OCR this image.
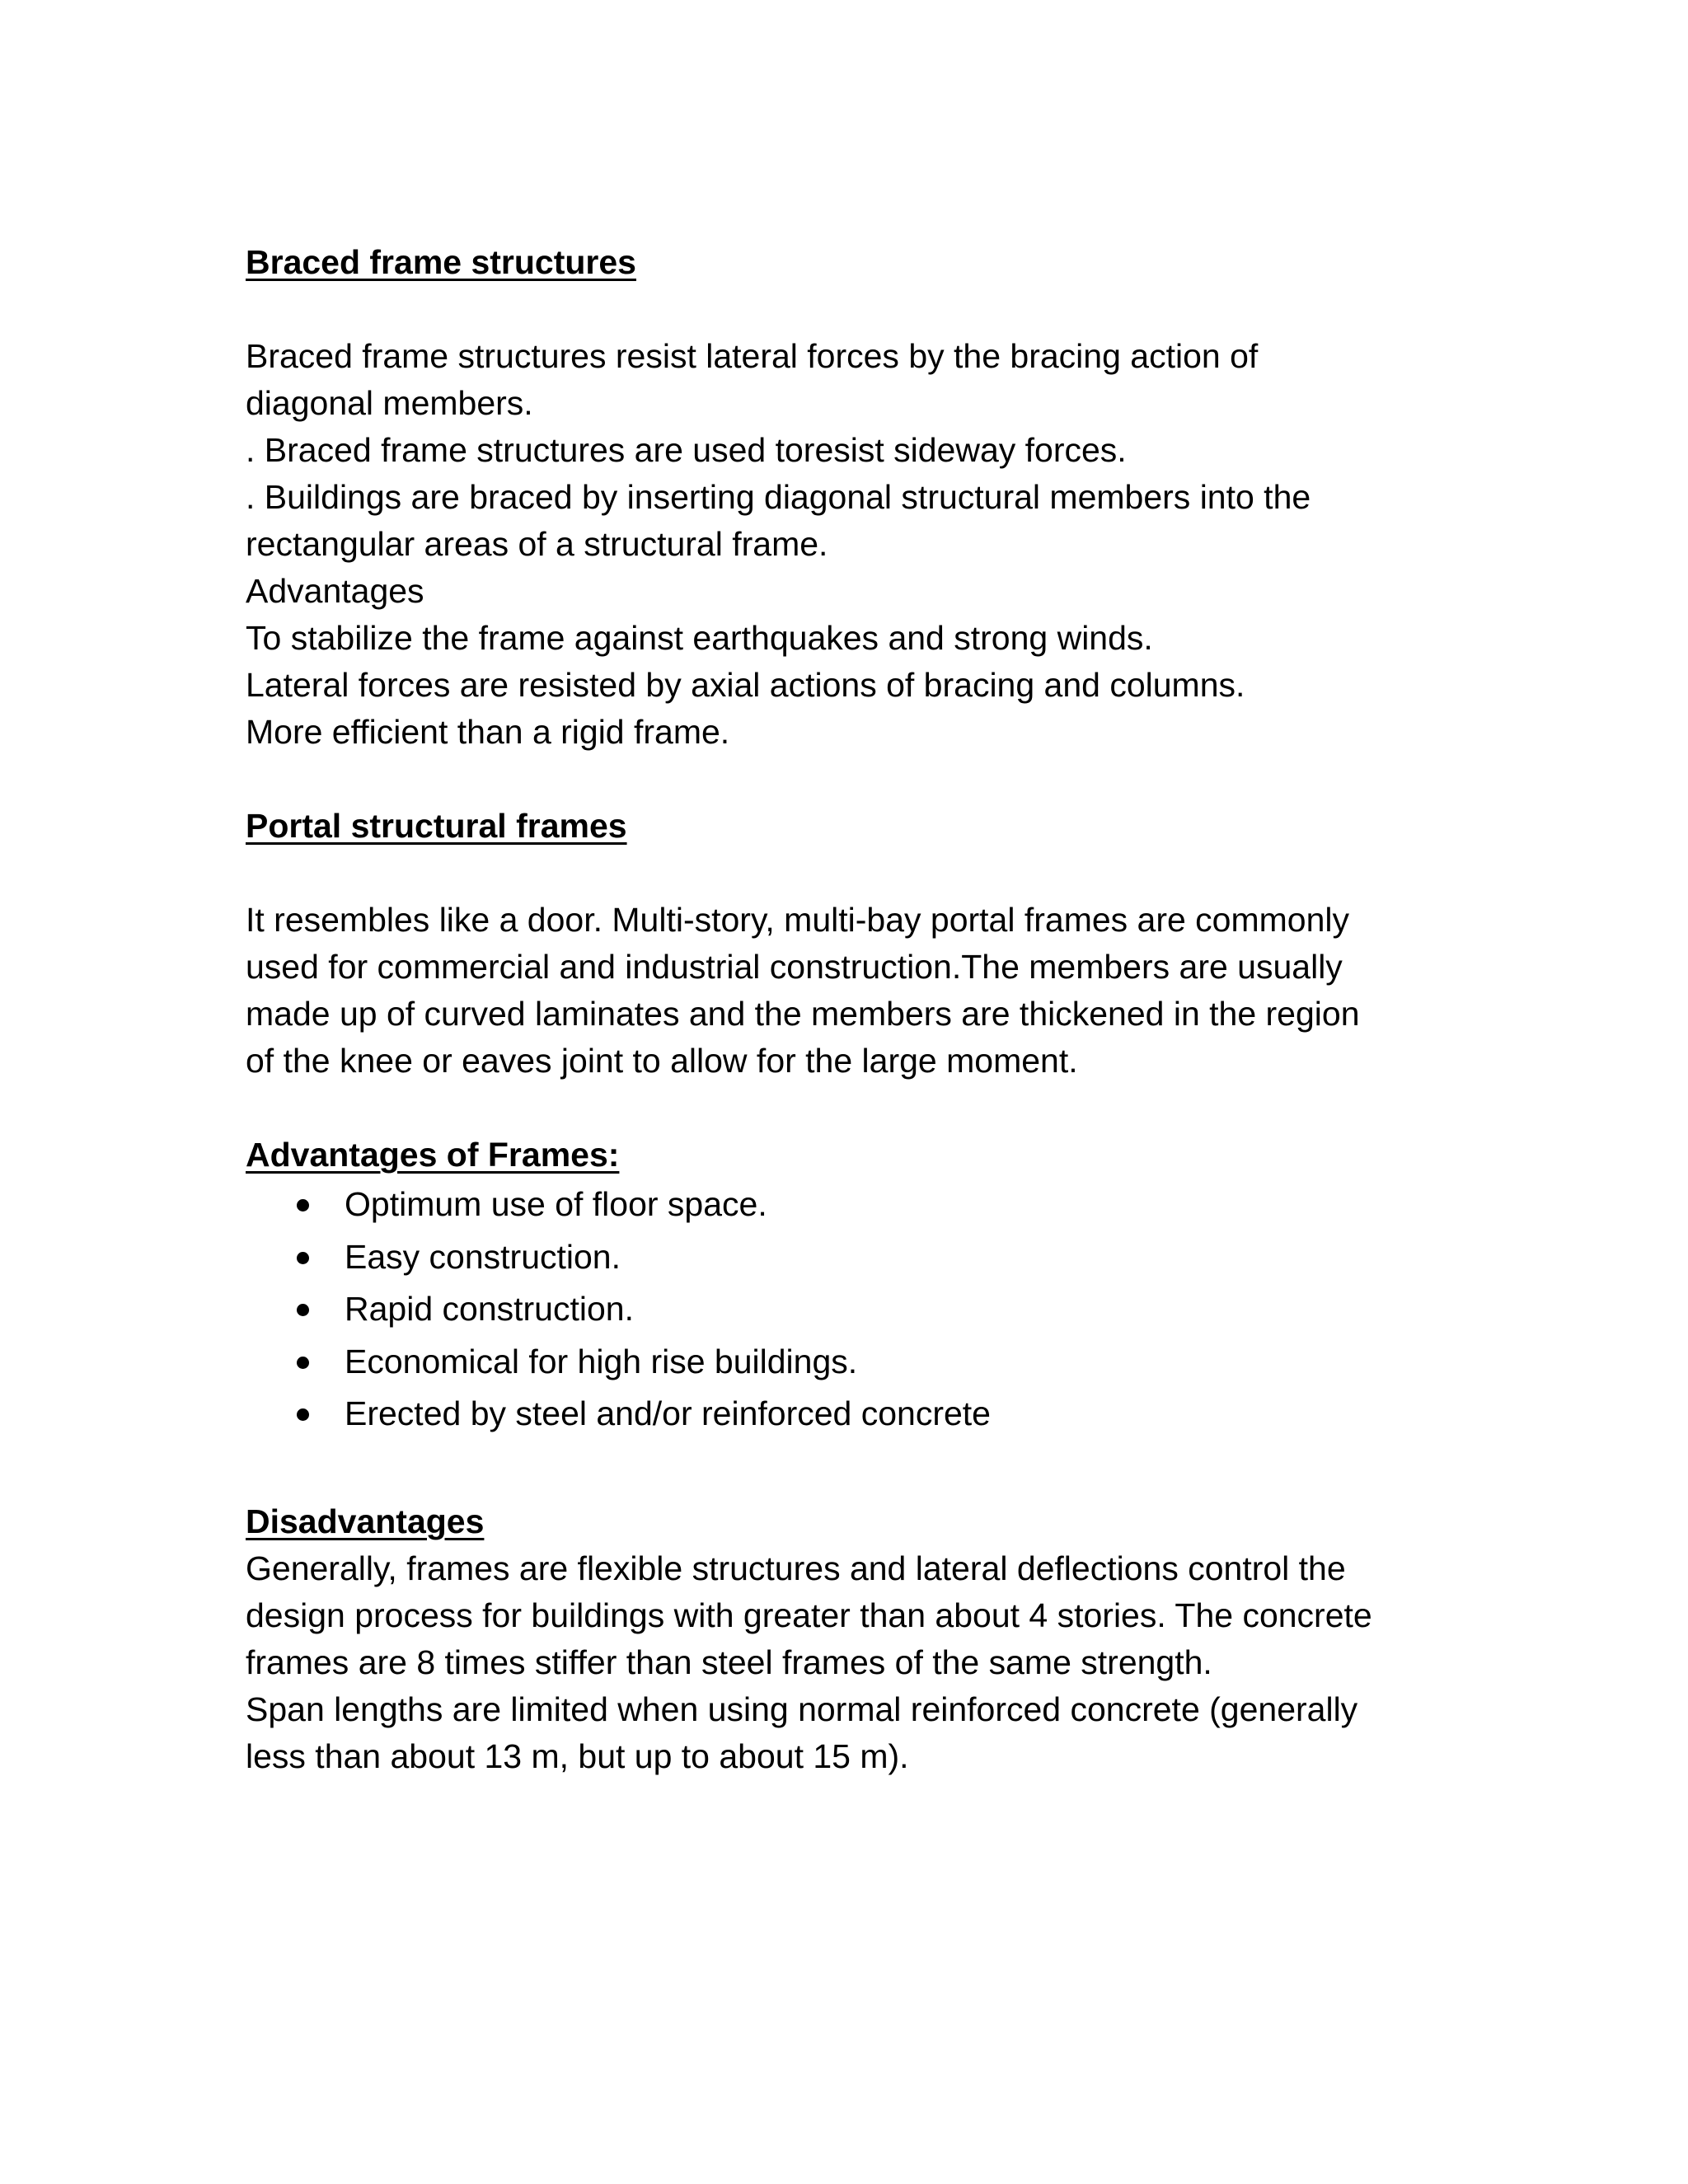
Braced frame structures

Braced frame structures resist lateral forces by the bracing action of

diagonal members.

. Braced frame structures are used toresist sideway forces.

. Buildings are braced by inserting diagonal structural members into the

rectangular areas of a structural frame.

Advantages

To stabilize the frame against earthquakes and strong winds.

Lateral forces are resisted by axial actions of bracing and columns.

More efficient than a rigid frame.

Portal structural frames

It resembles like a door. Multi-story, multi-bay portal frames are commonly

used for commercial and industrial construction.The members are usually

made up of curved laminates and the members are thickened in the region

of the knee or eaves joint to allow for the large moment.

Advantages of Frames:

Optimum use of floor space.
Easy construction.
Rapid construction.
Economical for high rise buildings.
Erected by steel and/or reinforced concrete

Disadvantages

Generally, frames are flexible structures and lateral deflections control the

design process for buildings with greater than about 4 stories. The concrete

frames are 8 times stiffer than steel frames of the same strength.

Span lengths are limited when using normal reinforced concrete (generally

less than about 13 m, but up to about 15 m).
